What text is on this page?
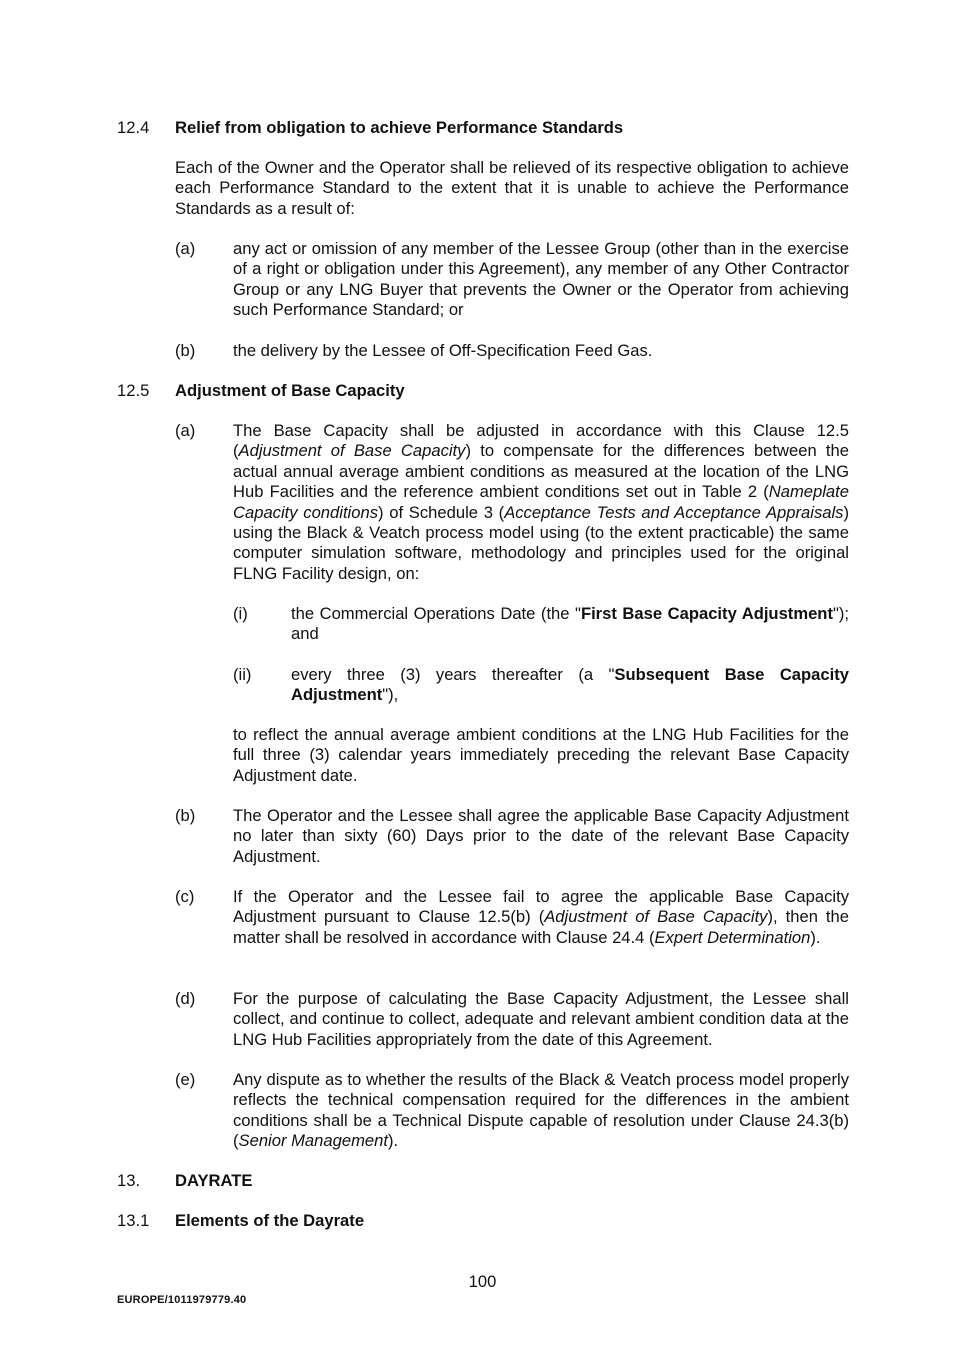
12.4 Relief from obligation to achieve Performance Standards
Each of the Owner and the Operator shall be relieved of its respective obligation to achieve each Performance Standard to the extent that it is unable to achieve the Performance Standards as a result of:
(a) any act or omission of any member of the Lessee Group (other than in the exercise of a right or obligation under this Agreement), any member of any Other Contractor Group or any LNG Buyer that prevents the Owner or the Operator from achieving such Performance Standard; or
(b) the delivery by the Lessee of Off-Specification Feed Gas.
12.5 Adjustment of Base Capacity
(a) The Base Capacity shall be adjusted in accordance with this Clause 12.5 (Adjustment of Base Capacity) to compensate for the differences between the actual annual average ambient conditions as measured at the location of the LNG Hub Facilities and the reference ambient conditions set out in Table 2 (Nameplate Capacity conditions) of Schedule 3 (Acceptance Tests and Acceptance Appraisals) using the Black & Veatch process model using (to the extent practicable) the same computer simulation software, methodology and principles used for the original FLNG Facility design, on:
(i)	the Commercial Operations Date (the "First Base Capacity Adjustment"); and
(ii) every three (3) years thereafter (a "Subsequent Base Capacity Adjustment"),
to reflect the annual average ambient conditions at the LNG Hub Facilities for the full three (3) calendar years immediately preceding the relevant Base Capacity Adjustment date.
(b) The Operator and the Lessee shall agree the applicable Base Capacity Adjustment no later than sixty (60) Days prior to the date of the relevant Base Capacity Adjustment.
(c) If the Operator and the Lessee fail to agree the applicable Base Capacity Adjustment pursuant to Clause 12.5(b) (Adjustment of Base Capacity), then the matter shall be resolved in accordance with Clause 24.4 (Expert Determination).
(d) For the purpose of calculating the Base Capacity Adjustment, the Lessee shall collect, and continue to collect, adequate and relevant ambient condition data at the LNG Hub Facilities appropriately from the date of this Agreement.
(e) Any dispute as to whether the results of the Black & Veatch process model properly reflects the technical compensation required for the differences in the ambient conditions shall be a Technical Dispute capable of resolution under Clause 24.3(b) (Senior Management).
13. DAYRATE
13.1 Elements of the Dayrate
100
EUROPE/1011979779.40
